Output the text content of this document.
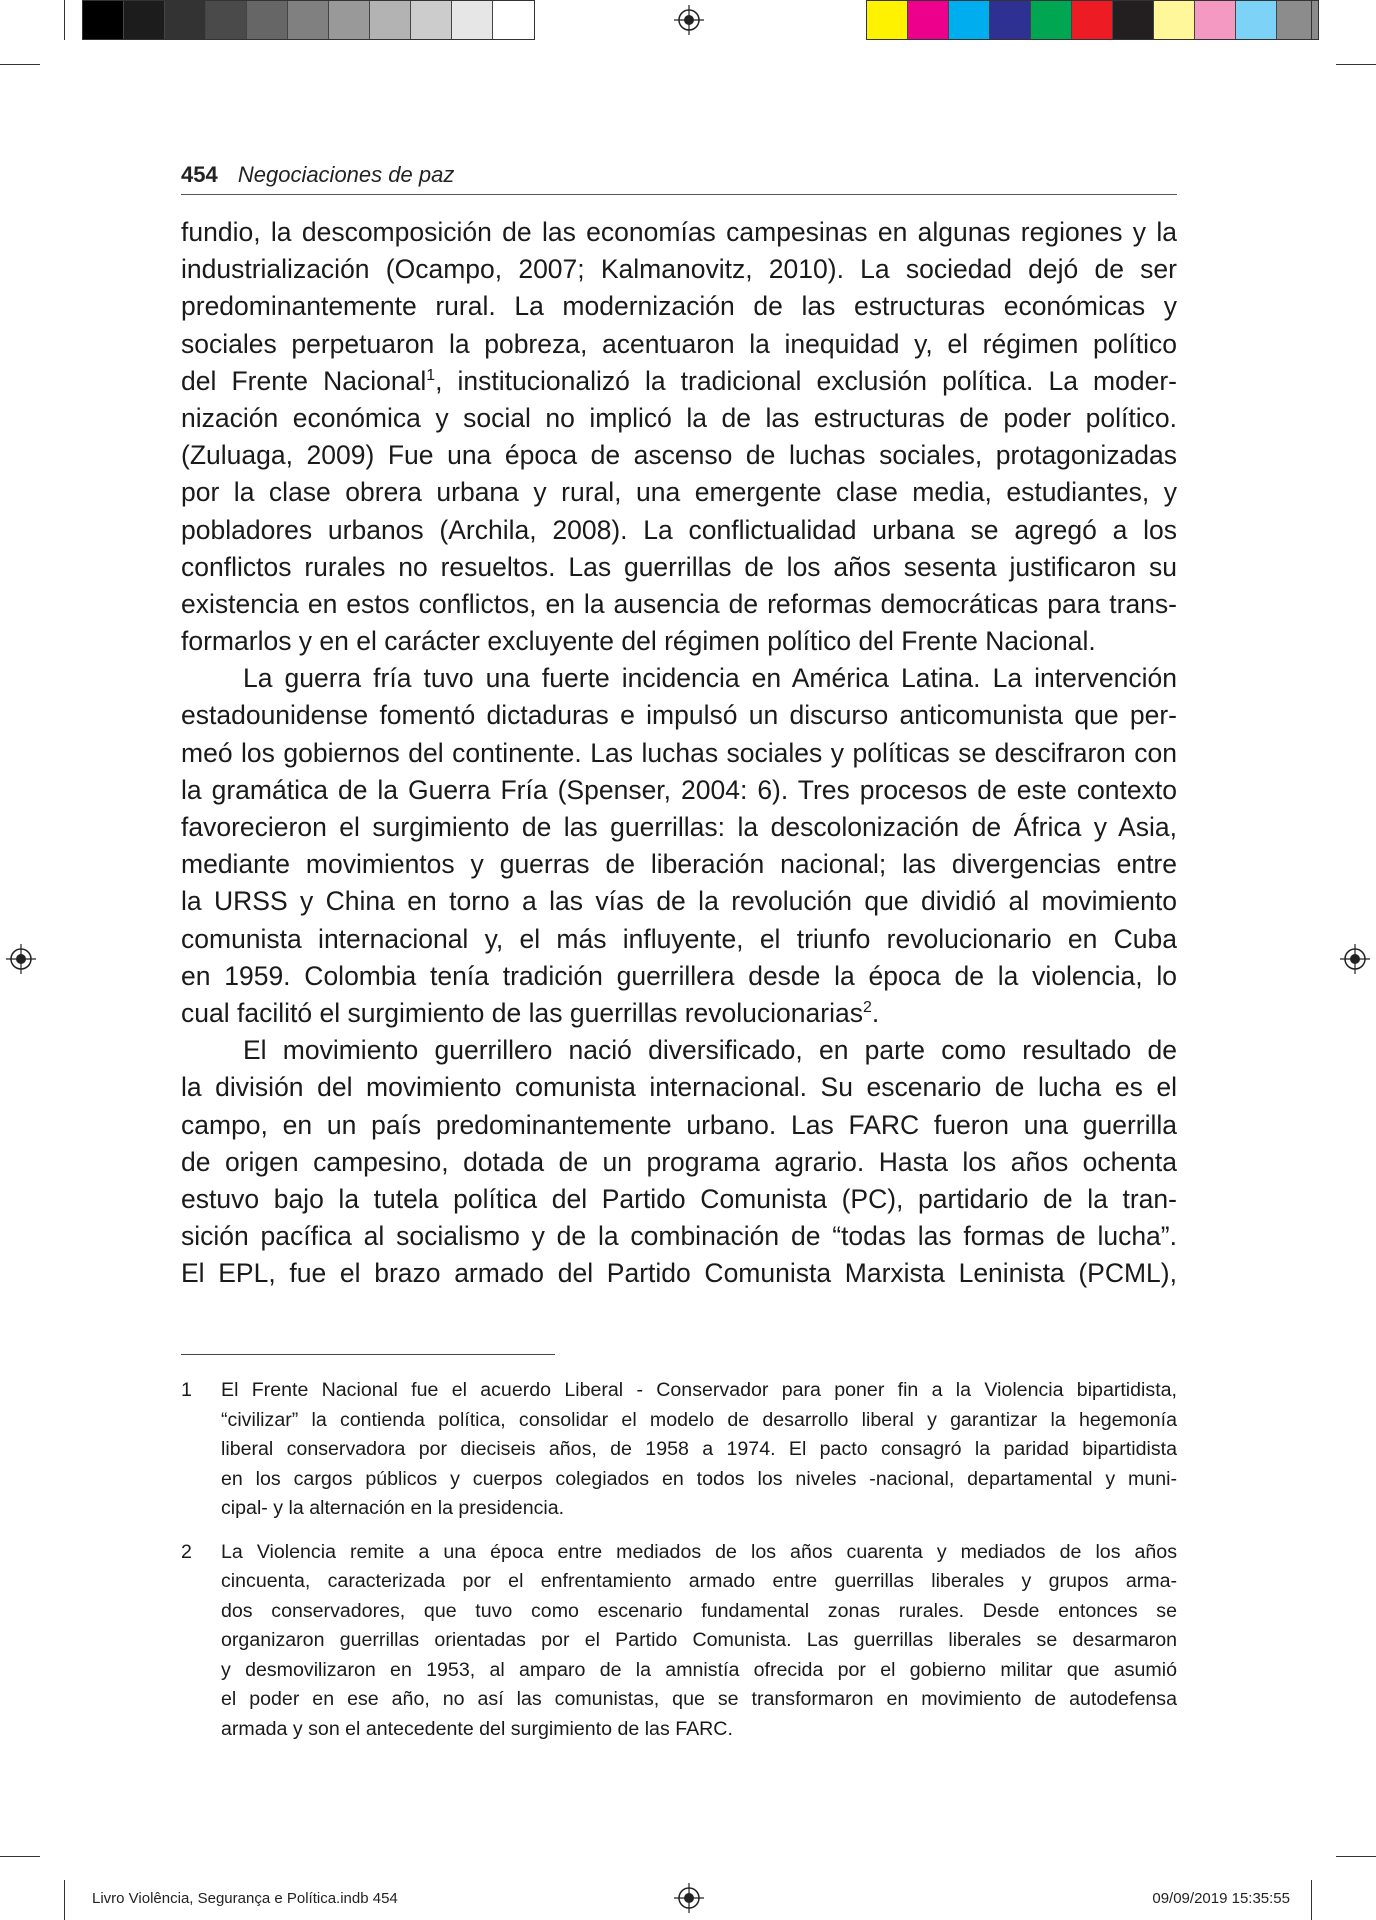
454 Negociaciones de paz
fundio, la descomposición de las economías campesinas en algunas regiones y la
industrialización (Ocampo, 2007; Kalmanovitz, 2010). La sociedad dejó de ser
predominantemente rural. La modernización de las estructuras económicas y
sociales perpetuaron la pobreza, acentuaron la inequidad y, el régimen político
del Frente Nacional$^1$, institucionalizó la tradicional exclusión política. La moder-
nización económica y social no implicó la de las estructuras de poder político.
(Zuluaga, 2009) Fue una época de ascenso de luchas sociales, protagonizadas
por la clase obrera urbana y rural, una emergente clase media, estudiantes, y
pobladores urbanos (Archila, 2008). La conflictualidad urbana se agregó a los
conflictos rurales no resueltos. Las guerrillas de los años sesenta justificaron su
existencia en estos conflictos, en la ausencia de reformas democráticas para trans-
formarlos y en el carácter excluyente del régimen político del Frente Nacional.
La guerra fría tuvo una fuerte incidencia en América Latina. La intervención
estadounidense fomentó dictaduras e impulsó un discurso anticomunista que per-
meó los gobiernos del continente. Las luchas sociales y políticas se descifraron con
la gramática de la Guerra Fría (Spenser, 2004: 6). Tres procesos de este contexto
favorecieron el surgimiento de las guerrillas: la descolonización de África y Asia,
mediante movimientos y guerras de liberación nacional; las divergencias entre
la URSS y China en torno a las vías de la revolución que dividió al movimiento
comunista internacional y, el más influyente, el triunfo revolucionario en Cuba
en 1959. Colombia tenía tradición guerrillera desde la época de la violencia, lo
cual facilitó el surgimiento de las guerrillas revolucionarias$^2$.
El movimiento guerrillero nació diversificado, en parte como resultado de
la división del movimiento comunista internacional. Su escenario de lucha es el
campo, en un país predominantemente urbano. Las FARC fueron una guerrilla
de origen campesino, dotada de un programa agrario. Hasta los años ochenta
estuvo bajo la tutela política del Partido Comunista (PC), partidario de la tran-
sición pacífica al socialismo y de la combinación de “todas las formas de lucha”.
El EPL, fue el brazo armado del Partido Comunista Marxista Leninista (PCML),
1 El Frente Nacional fue el acuerdo Liberal - Conservador para poner fin a la Violencia bipartidista,
“civilizar” la contienda política, consolidar el modelo de desarrollo liberal y garantizar la hegemonía
liberal conservadora por dieciseis años, de 1958 a 1974. El pacto consagró la paridad bipartidista
en los cargos públicos y cuerpos colegiados en todos los niveles -nacional, departamental y muni-
cipal- y la alternación en la presidencia.
2 La Violencia remite a una época entre mediados de los años cuarenta y mediados de los años
cincuenta, caracterizada por el enfrentamiento armado entre guerrillas liberales y grupos arma-
dos conservadores, que tuvo como escenario fundamental zonas rurales. Desde entonces se
organizaron guerrillas orientadas por el Partido Comunista. Las guerrillas liberales se desarmaron
y desmovilizaron en 1953, al amparo de la amnistía ofrecida por el gobierno militar que asumió
el poder en ese año, no así las comunistas, que se transformaron en movimiento de autodefensa
armada y son el antecedente del surgimiento de las FARC.
Livro Violência, Segurança e Política.indb 454	09/09/2019 15:35:55
